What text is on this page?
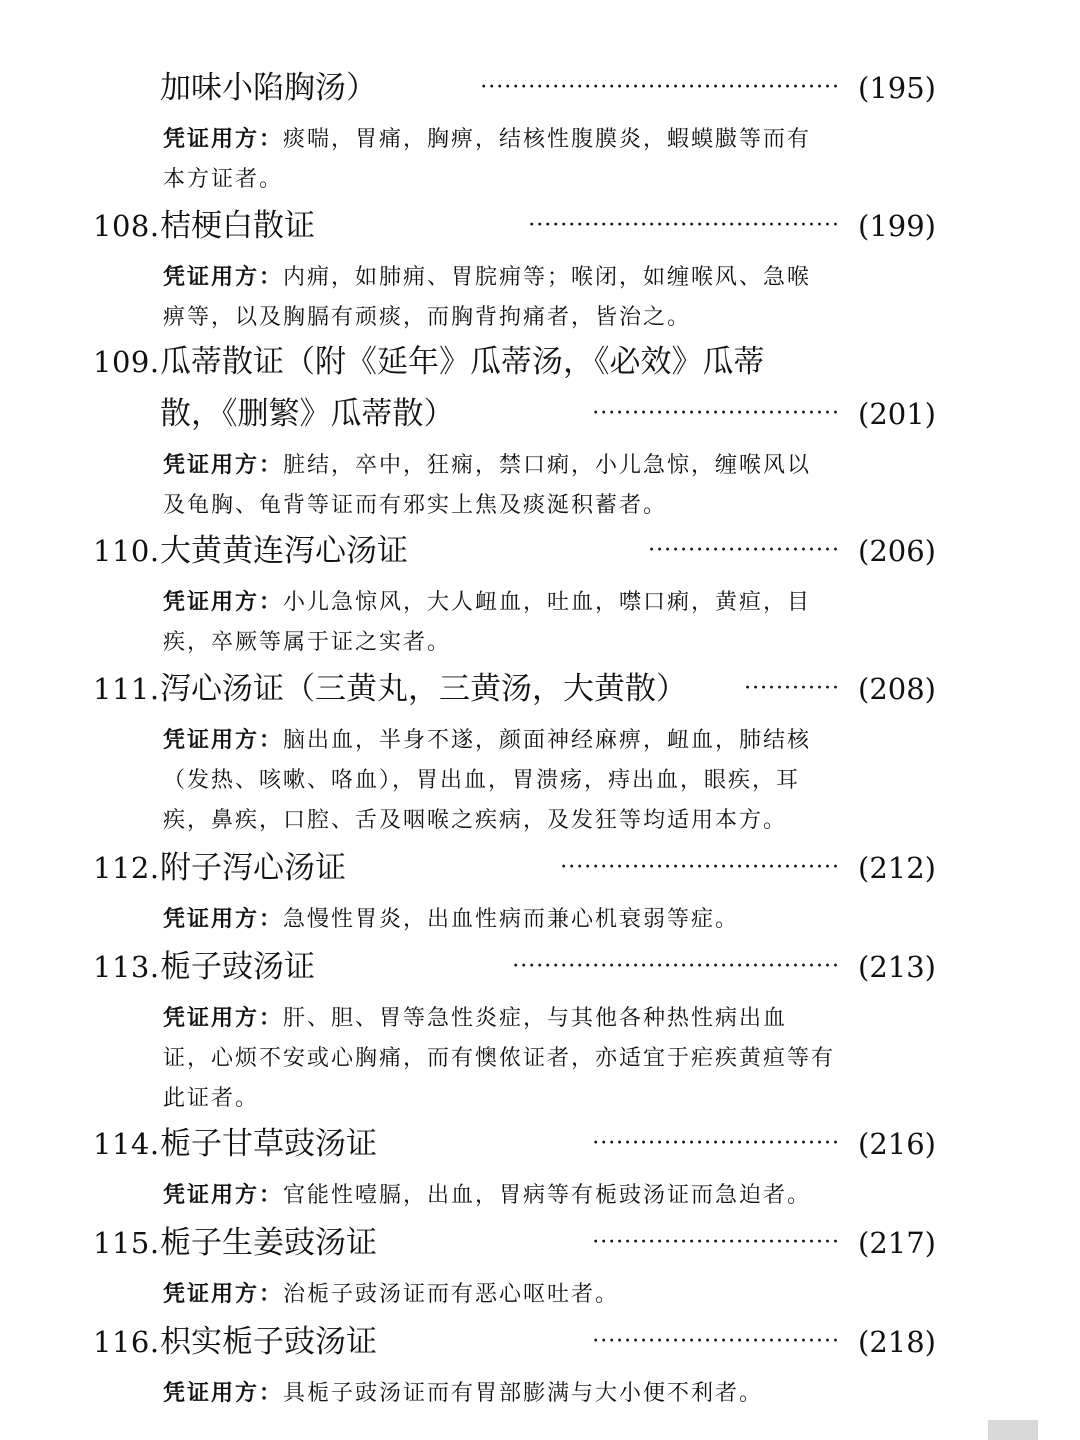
加味小陷胸汤）	············································· (195)
凭证用方：痰喘，胃痛，胸痹，结核性腹膜炎，蝦蟆臌等而有本方证者。
108. 桔梗白散证	······································· (199)
凭证用方：内痈，如肺痈、胃脘痈等；喉闭，如缠喉风、急喉痹等，以及胸膈有顽痰，而胸背拘痛者，皆治之。
109. 瓜蒂散证（附《延年》瓜蒂汤，《必效》瓜蒂
散，《删繁》瓜蒂散）	······························· (201)
凭证用方：脏结，卒中，狂痫，禁口痢，小儿急惊，缠喉风以及龟胸、龟背等证而有邪实上焦及痰涎积蓄者。
110. 大黄黄连泻心汤证	························ (206)
凭证用方：小儿急惊风，大人衄血，吐血，噤口痢，黄疸，目疾，卒厥等属于证之实者。
111. 泻心汤证（三黄丸，三黄汤，大黄散）	············ (208)
凭证用方：脑出血，半身不遂，颜面神经麻痹，衄血，肺结核（发热、咳嗽、咯血），胃出血，胃溃疡，痔出血，眼疾，耳疾，鼻疾，口腔、舌及咽喉之疾病，及发狂等均适用本方。
112. 附子泻心汤证	··································· (212)
凭证用方：急慢性胃炎，出血性病而兼心机衰弱等症。
113. 栀子豉汤证	········································· (213)
凭证用方：肝、胆、胃等急性炎症，与其他各种热性病出血证，心烦不安或心胸痛，而有懊侬证者，亦适宜于疟疾黄疸等有此证者。
114. 栀子甘草豉汤证	······························· (216)
凭证用方：官能性噎膈，出血，胃病等有栀豉汤证而急迫者。
115. 栀子生姜豉汤证	······························· (217)
凭证用方：治栀子豉汤证而有恶心呕吐者。
116. 枳实栀子豉汤证	······························· (218)
凭证用方：具栀子豉汤证而有胃部膨满与大小便不利者。
